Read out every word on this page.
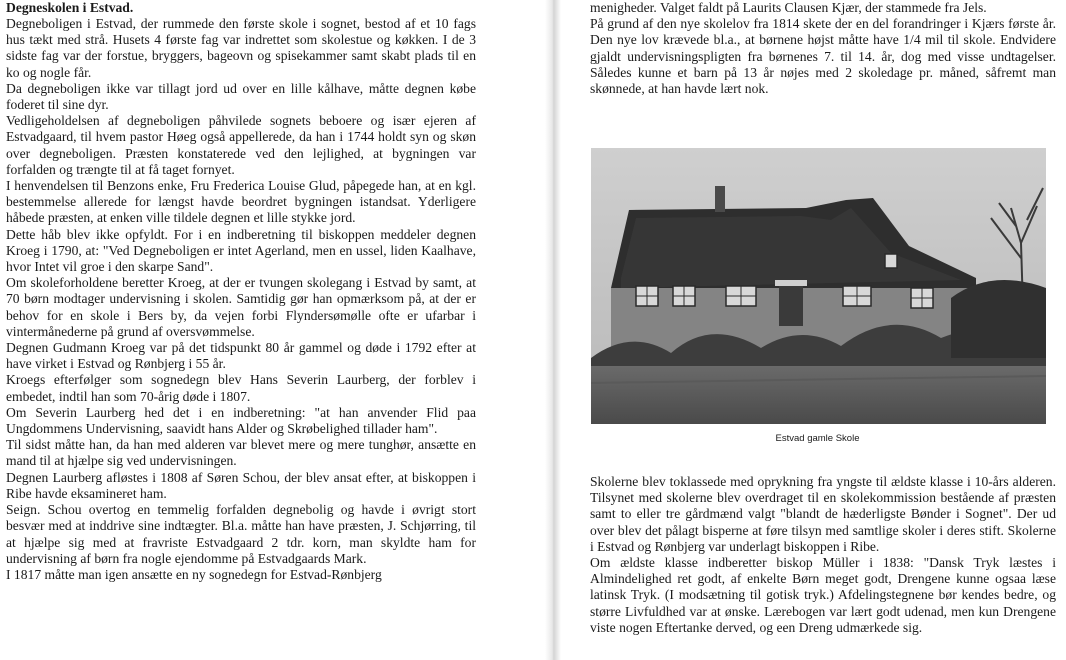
Degneskolen i Estvad.

Degneboligen i Estvad, der rummede den første skole i sognet, bestod af et 10 fags hus tækt med strå. Husets 4 første fag var indrettet som skolestue og køkken. I de 3 sidste fag var der forstue, bryggers, bageovn og spisekammer samt skabt plads til en ko og nogle får.

Da degneboligen ikke var tillagt jord ud over en lille kålhave, måtte degnen købe foderet til sine dyr.

Vedligeholdelsen af degneboligen påhvilede sognets beboere og især ejeren af Estvadgaard, til hvem pastor Høeg også appellerede, da han i 1744 holdt syn og skøn over degneboligen. Præsten konstaterede ved den lejlighed, at bygningen var forfalden og trængte til at få taget fornyet.

I henvendelsen til Benzons enke, Fru Frederica Louise Glud, påpegede han, at en kgl. bestemmelse allerede for længst havde beordret bygningen istandsat. Yderligere håbede præsten, at enken ville tildele degnen et lille stykke jord.

Dette håb blev ikke opfyldt. For i en indberetning til biskoppen meddeler degnen Kroeg i 1790, at: "Ved Degneboligen er intet Agerland, men en ussel, liden Kaalhave, hvor Intet vil groe i den skarpe Sand".

Om skoleforholdene beretter Kroeg, at der er tvungen skolegang i Estvad by samt, at 70 børn modtager undervisning i skolen. Samtidig gør han opmærksom på, at der er behov for en skole i Bers by, da vejen forbi Flyndersømølle ofte er ufarbar i vintermånederne på grund af oversvømmelse.

Degnen Gudmann Kroeg var på det tidspunkt 80 år gammel og døde i 1792 efter at have virket i Estvad og Rønbjerg i 55 år.

Kroegs efterfølger som sognedegn blev Hans Severin Laurberg, der forblev i embedet, indtil han som 70-årig døde i 1807.

Om Severin Laurberg hed det i en indberetning: "at han anvender Flid paa Ungdommens Undervisning, saavidt hans Alder og Skrøbelighed tillader ham".

Til sidst måtte han, da han med alderen var blevet mere og mere tunghør, ansætte en mand til at hjælpe sig ved undervisningen.

Degnen Laurberg afløstes i 1808 af Søren Schou, der blev ansat efter, at biskoppen i Ribe havde eksamineret ham.

Seign. Schou overtog en temmelig forfalden degnebolig og havde i øvrigt stort besvær med at inddrive sine indtægter. Bl.a. måtte han have præsten, J. Schjørring, til at hjælpe sig med at fravriste Estvadgaard 2 tdr. korn, man skyldte ham for undervisning af børn fra nogle ejendomme på Estvadgaards Mark.

I 1817 måtte man igen ansætte en ny sognedegn for Estvad-Rønbjerg

menigheder. Valget faldt på Laurits Clausen Kjær, der stammede fra Jels.

På grund af den nye skolelov fra 1814 skete der en del forandringer i Kjærs første år. Den nye lov krævede bl.a., at børnene højst måtte have 1/4 mil til skole. Endvidere gjaldt undervisningspligten fra børnenes 7. til 14. år, dog med visse undtagelser. Således kunne et barn på 13 år nøjes med 2 skoledage pr. måned, såfremt man skønnede, at han havde lært nok.

Estvad gamle Skole

Skolerne blev toklassede med oprykning fra yngste til ældste klasse i 10-års alderen. Tilsynet med skolerne blev overdraget til en skolekommission bestående af præsten samt to eller tre gårdmænd valgt "blandt de hæderligste Bønder i Sognet". Der ud over blev det pålagt bisperne at føre tilsyn med samtlige skoler i deres stift. Skolerne i Estvad og Rønbjerg var underlagt biskoppen i Ribe.

Om ældste klasse indberetter biskop Müller i 1838: "Dansk Tryk læstes i Almindelighed ret godt, af enkelte Børn meget godt, Drengene kunne ogsaa læse latinsk Tryk. (I modsætning til gotisk tryk.) Afdelingstegnene bør kendes bedre, og større Livfuldhed var at ønske. Lærebogen var lært godt udenad, men kun Drengene viste nogen Eftertanke derved, og een Dreng udmærkede sig.
